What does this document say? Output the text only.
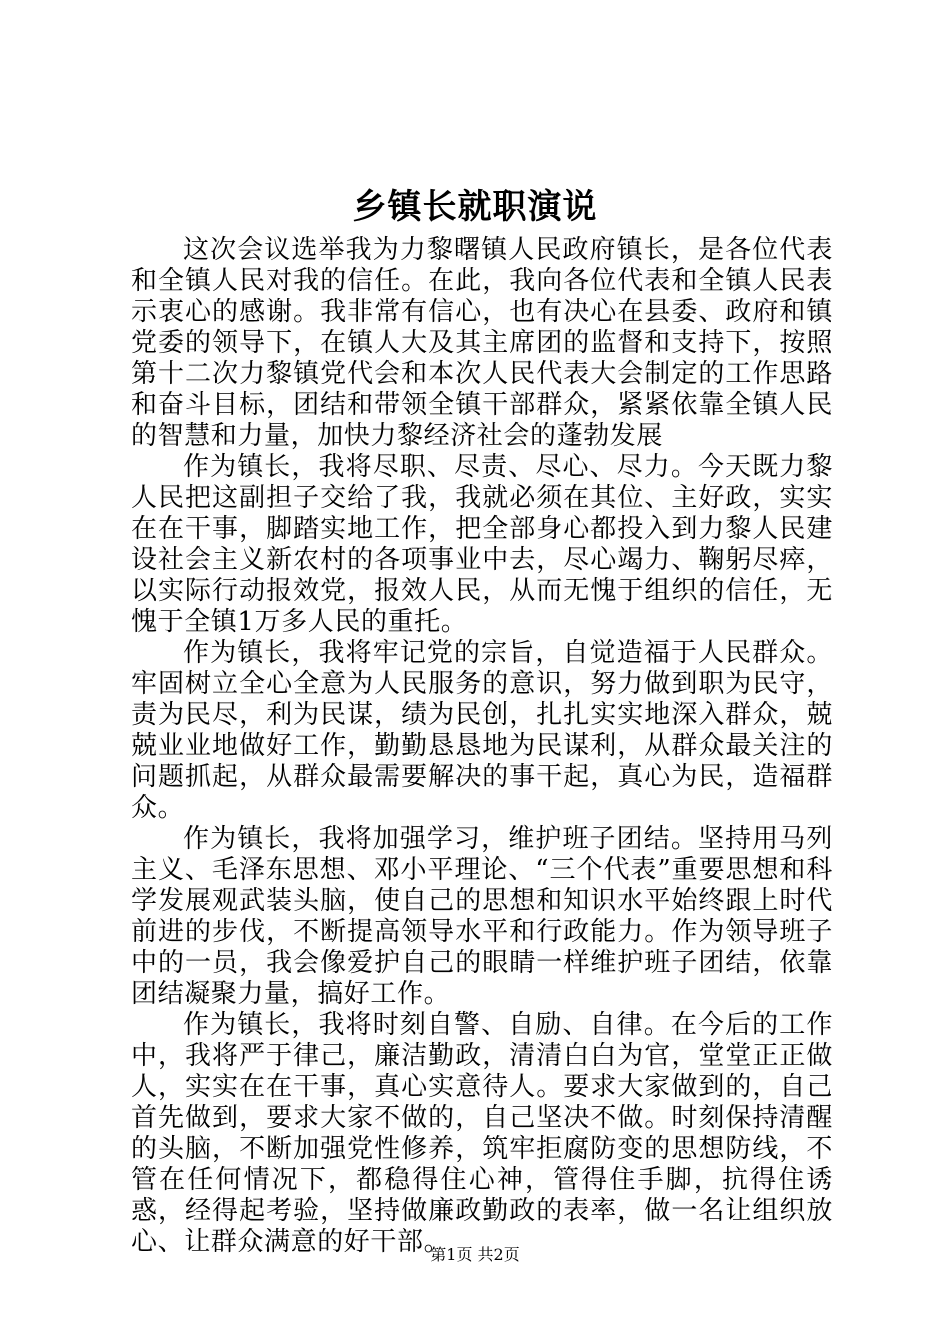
乡镇长就职演说

这次会议选举我为力黎曙镇人民政府镇长，是各位代表和全镇人民对我的信任。在此，我向各位代表和全镇人民表示衷心的感谢。我非常有信心，也有决心在县委、政府和镇党委的领导下，在镇人大及其主席团的监督和支持下，按照第十二次力黎镇党代会和本次人民代表大会制定的工作思路和奋斗目标，团结和带领全镇干部群众，紧紧依靠全镇人民的智慧和力量，加快力黎经济社会的蓬勃发展

作为镇长，我将尽职、尽责、尽心、尽力。今天既力黎人民把这副担子交给了我，我就必须在其位、主好政，实实在在干事，脚踏实地工作，把全部身心都投入到力黎人民建设社会主义新农村的各项事业中去，尽心竭力、鞠躬尽瘁，以实际行动报效党，报效人民，从而无愧于组织的信任，无愧于全镇1万多人民的重托。

作为镇长，我将牢记党的宗旨，自觉造福于人民群众。牢固树立全心全意为人民服务的意识，努力做到职为民守，责为民尽，利为民谋，绩为民创，扎扎实实地深入群众，兢兢业业地做好工作，勤勤恳恳地为民谋利，从群众最关注的问题抓起，从群众最需要解决的事干起，真心为民，造福群众。

作为镇长，我将加强学习，维护班子团结。坚持用马列主义、毛泽东思想、邓小平理论、“三个代表”重要思想和科学发展观武装头脑，使自己的思想和知识水平始终跟上时代前进的步伐，不断提高领导水平和行政能力。作为领导班子中的一员，我会像爱护自己的眼睛一样维护班子团结，依靠团结凝聚力量，搞好工作。

作为镇长，我将时刻自警、自励、自律。在今后的工作中，我将严于律己，廉洁勤政，清清白白为官，堂堂正正做人，实实在在干事，真心实意待人。要求大家做到的，自己首先做到，要求大家不做的，自己坚决不做。时刻保持清醒的头脑，不断加强党性修养，筑牢拒腐防变的思想防线，不管在任何情况下，都稳得住心神，管得住手脚，抗得住诱惑，经得起考验，坚持做廉政勤政的表率，做一名让组织放心、让群众满意的好干部。

第1页 共2页
